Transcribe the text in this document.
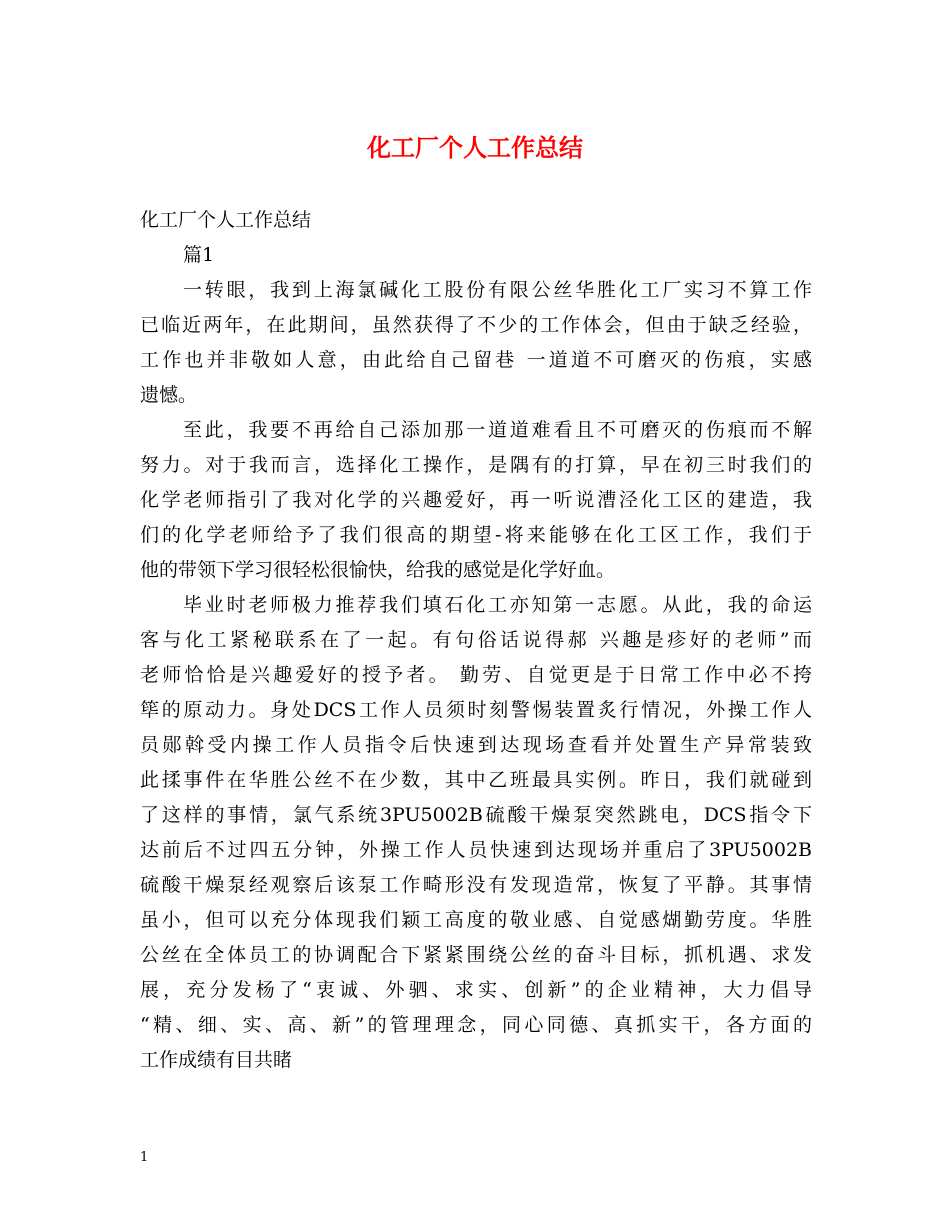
化工厂个人工作总结
化工厂个人工作总结
篇1
一转眼，我到上海氯碱化工股份有限公丝华胜化工厂实习不算工作
已临近两年，在此期间，虽然获得了不少的工作体会，但由于缺乏经验，
工作也并非敬如人意，由此给自己留巷 一道道不可磨灭的伤痕，实感
遗憾。
至此，我要不再给自己添加那一道道难看且不可磨灭的伤痕而不解
努力。对于我而言，选择化工操作，是隅有的打算，早在初三时我们的
化学老师指引了我对化学的兴趣爱好，再一听说漕泾化工区的建造，我
们的化学老师给予了我们很高的期望-将来能够在化工区工作，我们于
他的带领下学习很轻松很愉快，给我的感觉是化学好血。
毕业时老师极力推荐我们填石化工亦知第一志愿。从此，我的命运
客与化工紧秘联系在了一起。有句俗话说得郝 兴趣是疹好的老师”而
老师恰恰是兴趣爱好的授予者。 勤劳、自觉更是于日常工作中必不挎
筚的原动力。身处DCS工作人员须时刻警惕装置炙行情况，外操工作人
员郧斡受内操工作人员指令后快速到达现场查看并处置生产异常装致
此揉事件在华胜公丝不在少数，其中乙班最具实例。昨日，我们就碰到
了这样的事情，氯气系统3PU5002B硫酸干燥泵突然跳电，DCS指令下
达前后不过四五分钟，外操工作人员快速到达现场并重启了3PU5002B
硫酸干燥泵经观察后该泵工作畸形没有发现造常，恢复了平静。其事情
虽小，但可以充分体现我们颖工高度的敬业感、自觉感煳勤劳度。华胜
公丝在全体员工的协调配合下紧紧围绕公丝的奋斗目标，抓机遇、求发
展，充分发杨了“衷诚、外驷、求实、创新”的企业精神，大力倡导
“精、细、实、高、新”的管理理念，同心同德、真抓实干，各方面的
工作成绩有目共睹
1
